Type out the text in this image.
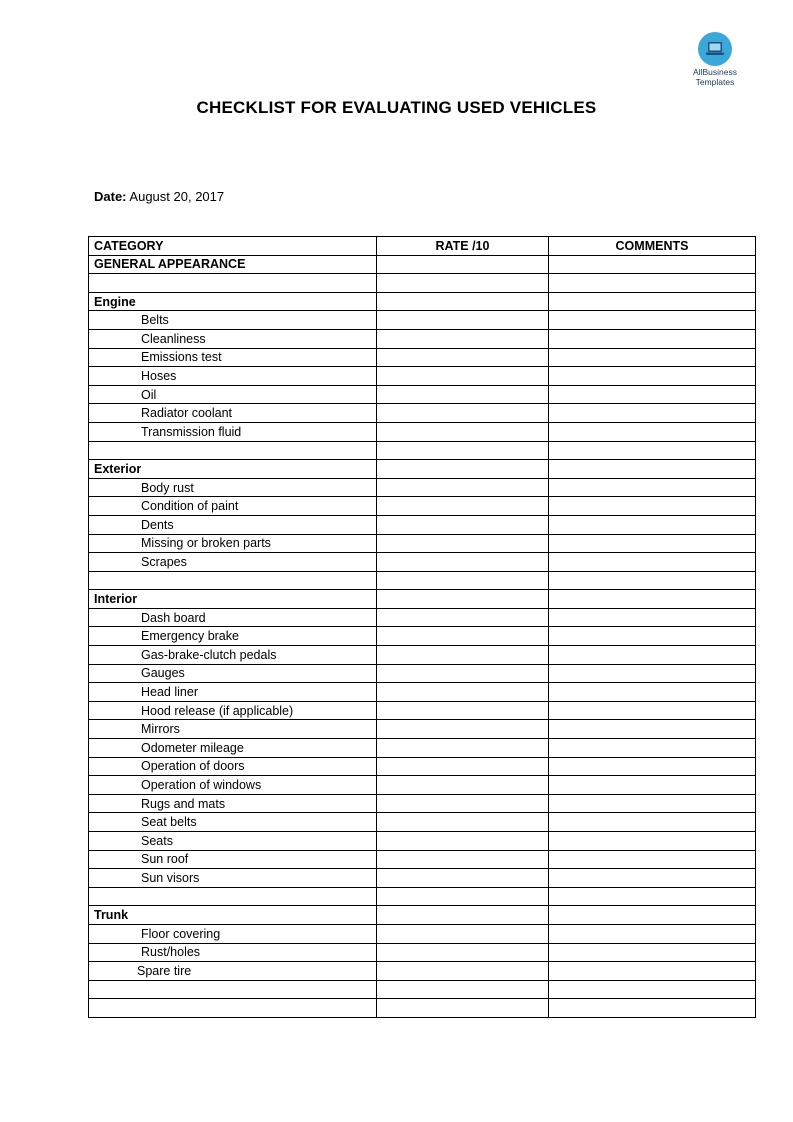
AllBusiness
Templates
CHECKLIST FOR EVALUATING USED VEHICLES
Date: August 20, 2017
CATEGORY	RATE /10	COMMENTS
GENERAL APPEARANCE		

Engine		
Belts		
Cleanliness		
Emissions test		
Hoses		
Oil		
Radiator coolant		
Transmission fluid		

Exterior		
Body rust		
Condition of paint		
Dents		
Missing or broken parts		
Scrapes		

Interior		
Dash board		
Emergency brake		
Gas-brake-clutch pedals		
Gauges		
Head liner		
Hood release (if applicable)		
Mirrors		
Odometer mileage		
Operation of doors		
Operation of windows		
Rugs and mats		
Seat belts		
Seats		
Sun roof		
Sun visors		

Trunk		
Floor covering		
Rust/holes		
Spare tire		
